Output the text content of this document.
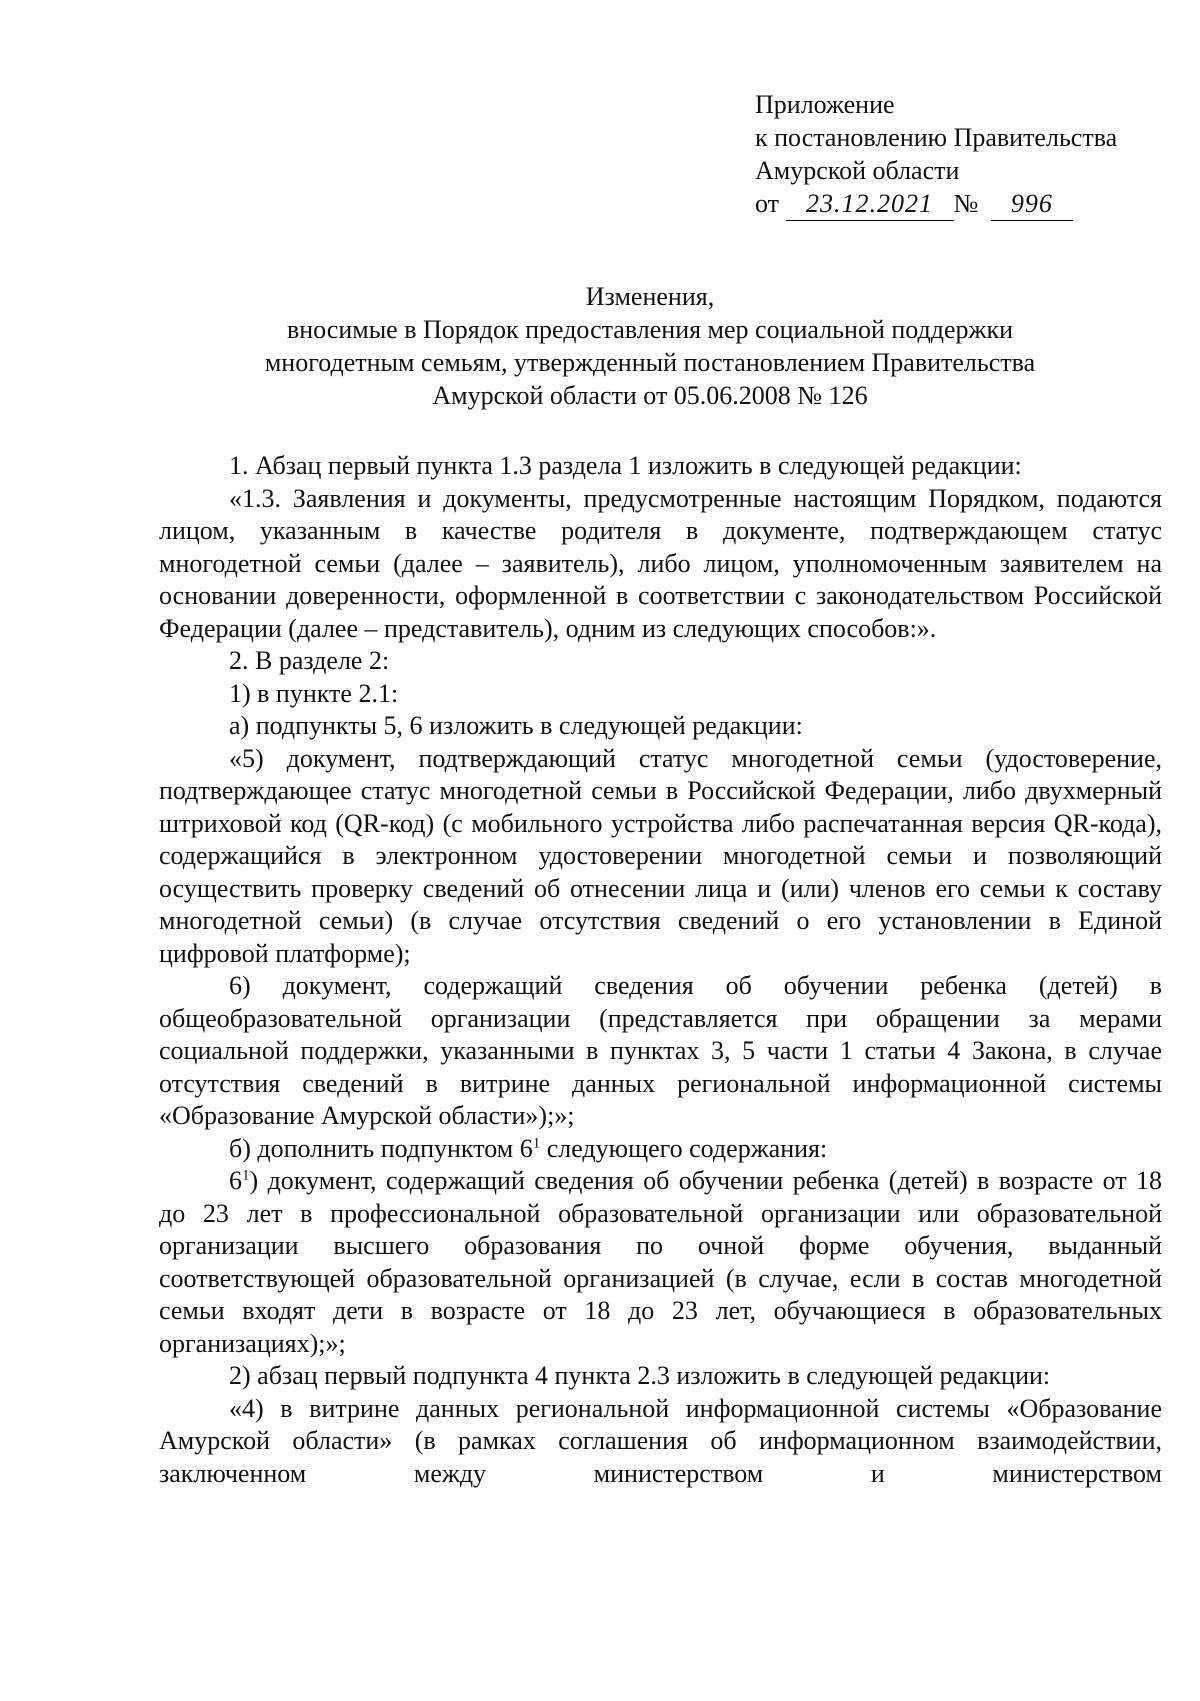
Приложение
к постановлению Правительства
Амурской области
от 23.12.2021 № 996
Изменения,
вносимые в Порядок предоставления мер социальной поддержки
многодетным семьям, утвержденный постановлением Правительства
Амурской области от 05.06.2008 № 126

1. Абзац первый пункта 1.3 раздела 1 изложить в следующей редакции:

«1.3. Заявления и документы, предусмотренные настоящим Порядком, подаются лицом, указанным в качестве родителя в документе, подтверждающем статус многодетной семьи (далее – заявитель), либо лицом, уполномоченным заявителем на основании доверенности, оформленной в соответствии с законодательством Российской Федерации (далее – представитель), одним из следующих способов:».

2. В разделе 2:

1) в пункте 2.1:

а) подпункты 5, 6 изложить в следующей редакции:

«5) документ, подтверждающий статус многодетной семьи (удостоверение, подтверждающее статус многодетной семьи в Российской Федерации, либо двухмерный штриховой код (QR-код) (с мобильного устройства либо распечатанная версия QR-кода), содержащийся в электронном удостоверении многодетной семьи и позволяющий осуществить проверку сведений об отнесении лица и (или) членов его семьи к составу многодетной семьи) (в случае отсутствия сведений о его установлении в Единой цифровой платформе);

6) документ, содержащий сведения об обучении ребенка (детей) в общеобразовательной организации (представляется при обращении за мерами социальной поддержки, указанными в пунктах 3, 5 части 1 статьи 4 Закона, в случае отсутствия сведений в витрине данных региональной информационной системы «Образование Амурской области»);»;

б) дополнить подпунктом $6^1$ следующего содержания:

$6^1$) документ, содержащий сведения об обучении ребенка (детей) в возрасте от 18 до 23 лет в профессиональной образовательной организации или образовательной организации высшего образования по очной форме обучения, выданный соответствующей образовательной организацией (в случае, если в состав многодетной семьи входят дети в возрасте от 18 до 23 лет, обучающиеся в образовательных организациях);»;

2) абзац первый подпункта 4 пункта 2.3 изложить в следующей редакции:

«4) в витрине данных региональной информационной системы «Образование Амурской области» (в рамках соглашения об информационном взаимодействии, заключенном между министерством и министерством
